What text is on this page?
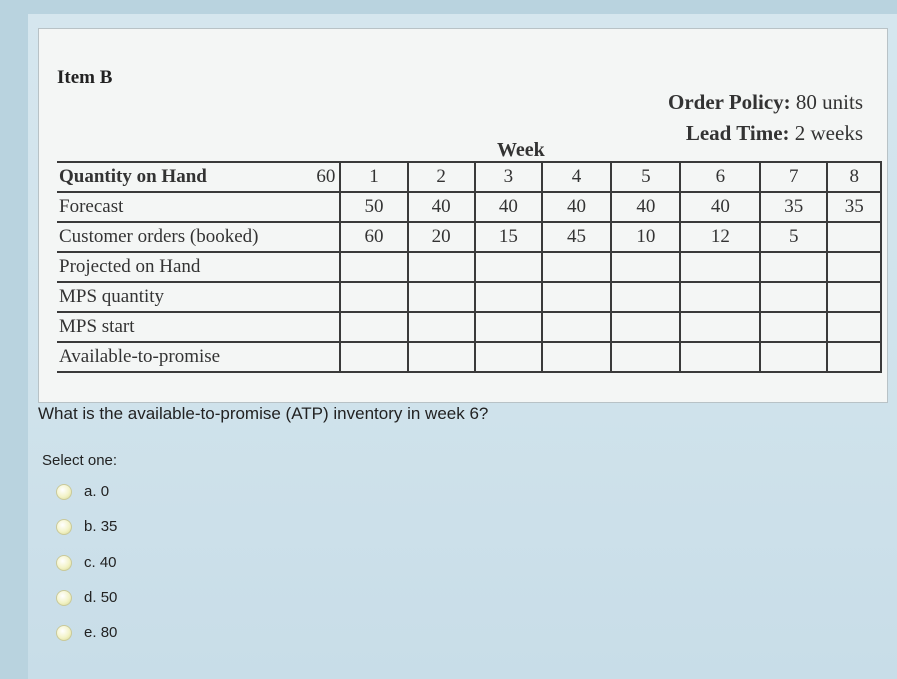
Item B
Order Policy: 80 units
Lead Time: 2 weeks
Week
Quantity on Hand 60	1	2	3	4	5	6	7	8
Forecast	50	40	40	40	40	40	35	35
Customer orders (booked)	60	20	15	45	10	12	5	
Projected on Hand								
MPS quantity								
MPS start								
Available-to-promise								
What is the available-to-promise (ATP) inventory in week 6?
Select one:
a.
0
b.
35
c.
40
d.
50
e.
80
